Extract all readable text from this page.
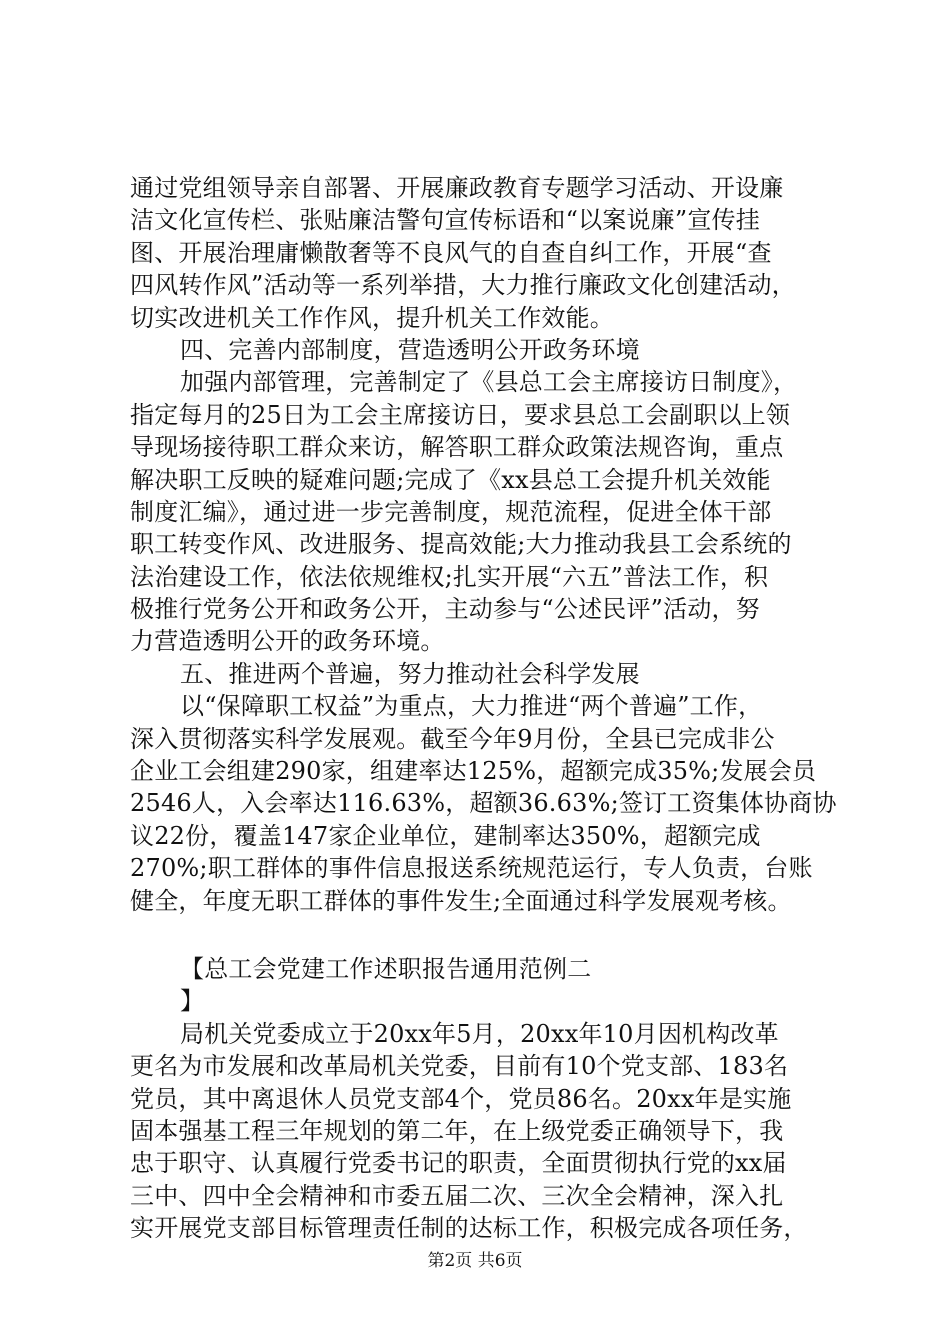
通过党组领导亲自部署、开展廉政教育专题学习活动、开设廉
洁文化宣传栏、张贴廉洁警句宣传标语和“以案说廉”宣传挂
图、开展治理庸懒散奢等不良风气的自查自纠工作，开展“查
四风转作风”活动等一系列举措，大力推行廉政文化创建活动，
切实改进机关工作作风，提升机关工作效能。
四、完善内部制度，营造透明公开政务环境
加强内部管理，完善制定了《县总工会主席接访日制度》，
指定每月的25日为工会主席接访日，要求县总工会副职以上领
导现场接待职工群众来访，解答职工群众政策法规咨询，重点
解决职工反映的疑难问题;完成了《xx县总工会提升机关效能
制度汇编》，通过进一步完善制度，规范流程，促进全体干部
职工转变作风、改进服务、提高效能;大力推动我县工会系统的
法治建设工作，依法依规维权;扎实开展“六五”普法工作，积
极推行党务公开和政务公开，主动参与“公述民评”活动，努
力营造透明公开的政务环境。
五、推进两个普遍，努力推动社会科学发展
以“保障职工权益”为重点，大力推进“两个普遍”工作，
深入贯彻落实科学发展观。截至今年9月份，全县已完成非公
企业工会组建290家，组建率达125%，超额完成35%;发展会员
2546人，入会率达116.63%，超额36.63%;签订工资集体协商协
议22份，覆盖147家企业单位，建制率达350%，超额完成
270%;职工群体的事件信息报送系统规范运行，专人负责，台账
健全，年度无职工群体的事件发生;全面通过科学发展观考核。
【总工会党建工作述职报告通用范例二
】
局机关党委成立于20xx年5月，20xx年10月因机构改革
更名为市发展和改革局机关党委，目前有10个党支部、183名
党员，其中离退休人员党支部4个，党员86名。20xx年是实施
固本强基工程三年规划的第二年，在上级党委正确领导下，我
忠于职守、认真履行党委书记的职责，全面贯彻执行党的xx届
三中、四中全会精神和市委五届二次、三次全会精神，深入扎
实开展党支部目标管理责任制的达标工作，积极完成各项任务，
第2页 共6页
